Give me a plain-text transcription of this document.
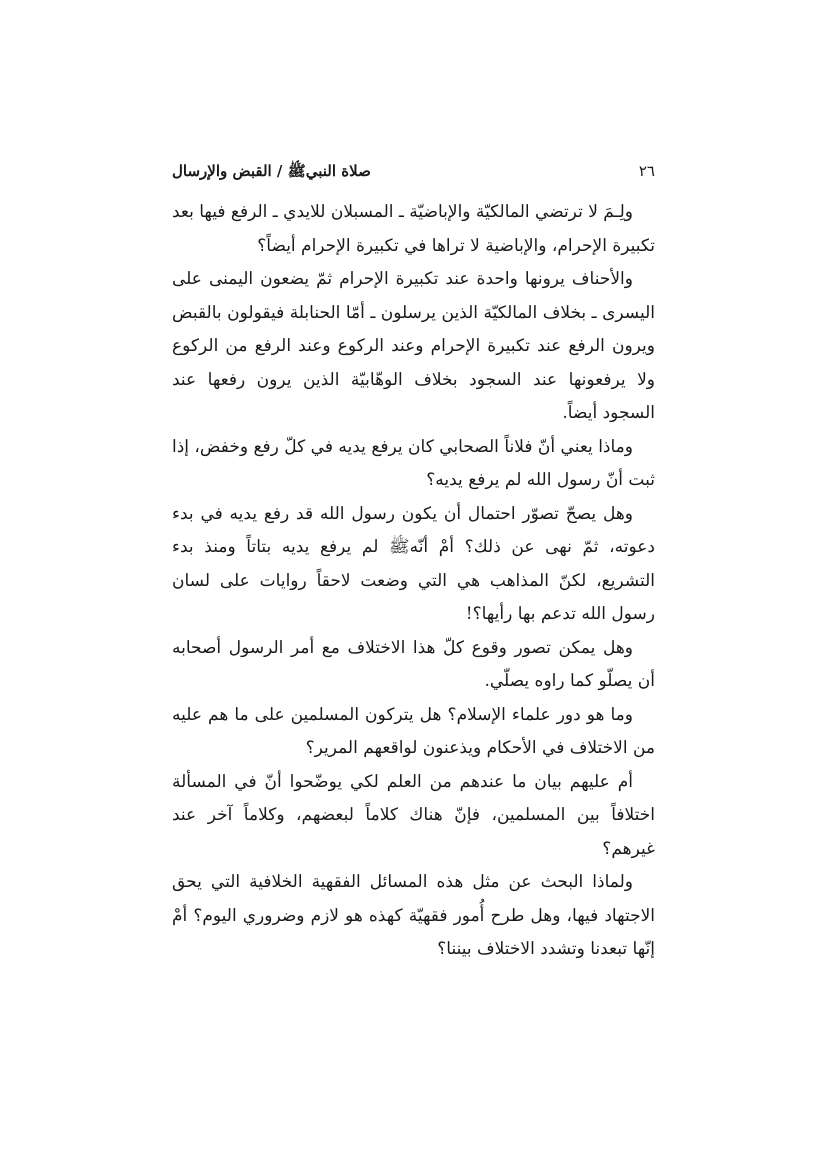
٢٦
صلاة النبيﷺ / القبض والإرسال

ولِـمَ لا ترتضي المالكيّة والإباضيّة ـ المسبلان للايدي ـ الرفع فيها بعد تكبيرة الإحرام، والإباضية لا تراها في تكبيرة الإحرام أيضاً؟

والأحناف يرونها واحدة عند تكبيرة الإحرام ثمّ يضعون اليمنى على اليسرى ـ بخلاف المالكيّة الذين يرسلون ـ أمّا الحنابلة فيقولون بالقبض ويرون الرفع عند تكبيرة الإحرام وعند الركوع وعند الرفع من الركوع ولا يرفعونها عند السجود بخلاف الوهّابيّة الذين يرون رفعها عند السجود أيضاً.

وماذا يعني أنّ فلاناً الصحابي كان يرفع يديه في كلّ رفع وخفض، إذا ثبت أنّ رسول الله لم يرفع يديه؟

وهل يصحّ تصوّر احتمال أن يكون رسول الله قد رفع يديه في بدء دعوته، ثمّ نهى عن ذلك؟ أمْ أنّهﷺ لم يرفع يديه بتاتاً ومنذ بدء التشريع، لكنّ المذاهب هي التي وضعت لاحقاً روايات على لسان رسول الله تدعم بها رأيها؟!

وهل يمكن تصور وقوع كلّ هذا الاختلاف مع أمر الرسول أصحابه أن يصلّو كما راوه يصلّي.

وما هو دور علماء الإسلام؟ هل يتركون المسلمين على ما هم عليه من الاختلاف في الأحكام ويذعنون لواقعهم المرير؟

أم عليهم بيان ما عندهم من العلم لكي يوضّحوا أنّ في المسألة اختلافاً بين المسلمين، فإنّ هناك كلاماً لبعضهم، وكلاماً آخر عند غيرهم؟

ولماذا البحث عن مثل هذه المسائل الفقهية الخلافية التي يحق الاجتهاد فيها، وهل طرح أُمور فقهيّة كهذه هو لازم وضروري اليوم؟ أمْ إنّها تبعدنا وتشدد الاختلاف بيننا؟
